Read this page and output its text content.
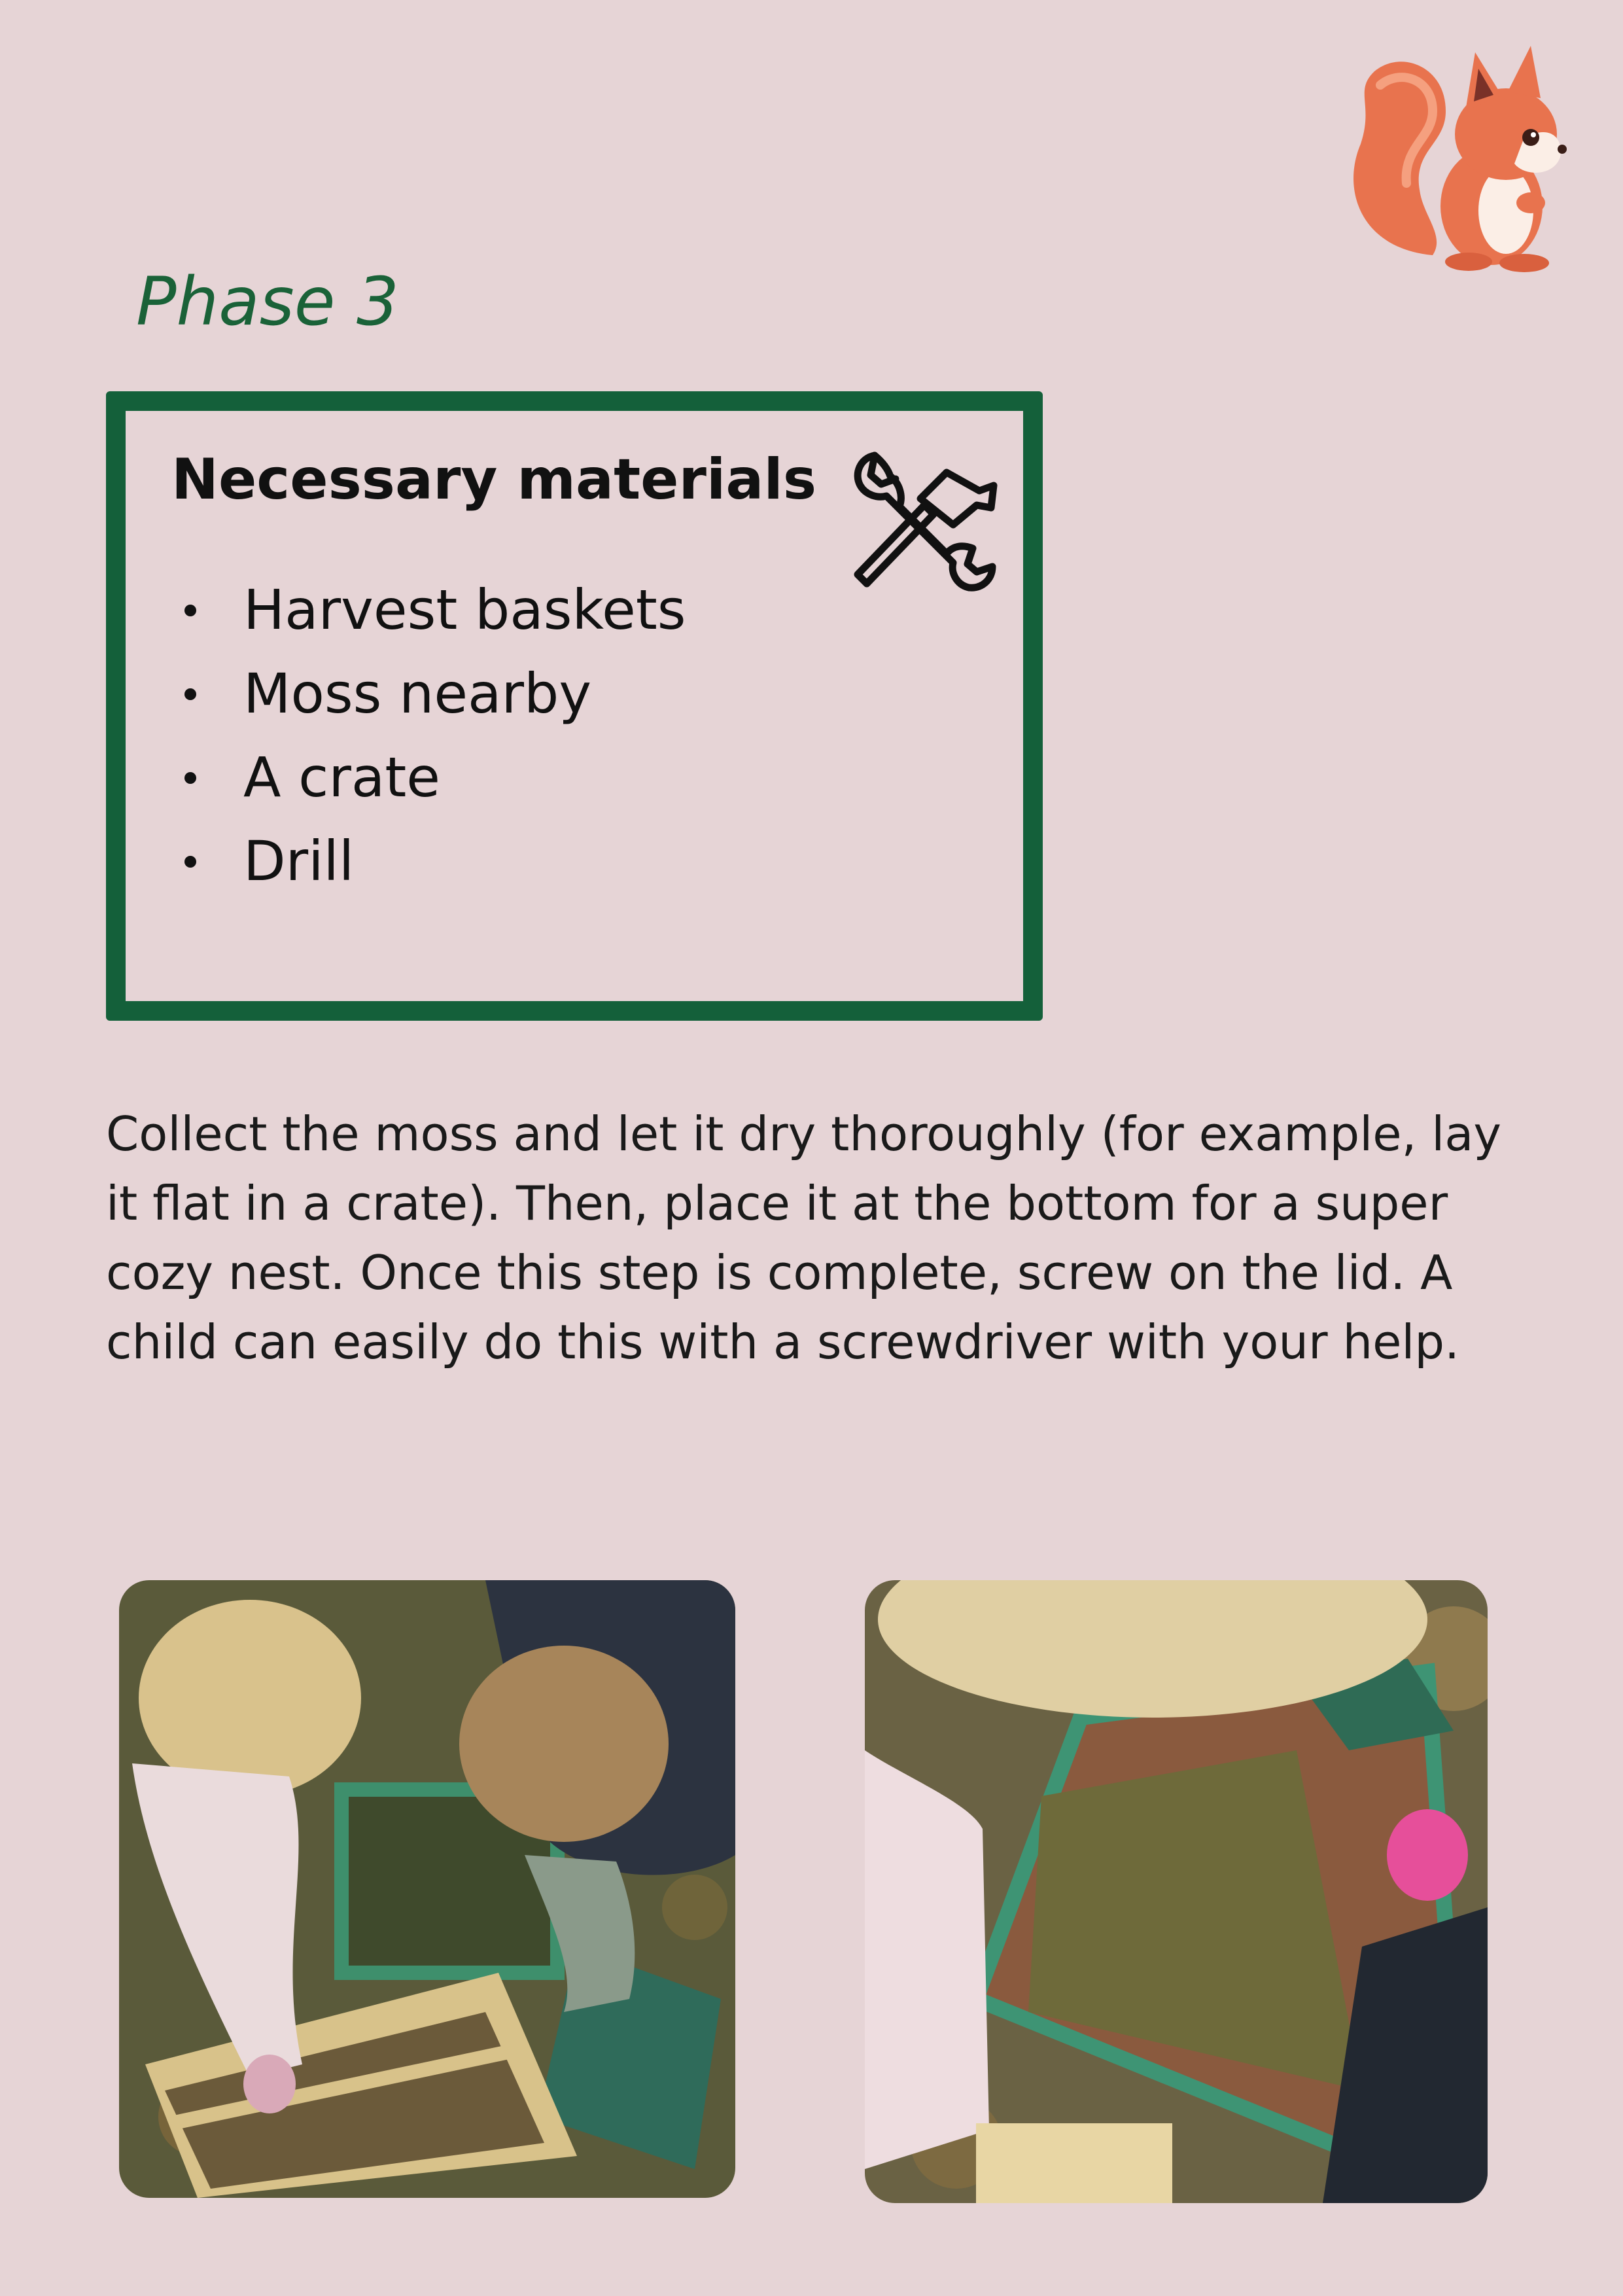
Phase 3
Necessary materials
Harvest baskets
Moss nearby
A crate
Drill

Collect the moss and let it dry thoroughly (for example, lay it flat in a crate). Then, place it at the bottom for a super cozy nest. Once this step is complete, screw on the lid. A child can easily do this with a screwdriver with your help.
